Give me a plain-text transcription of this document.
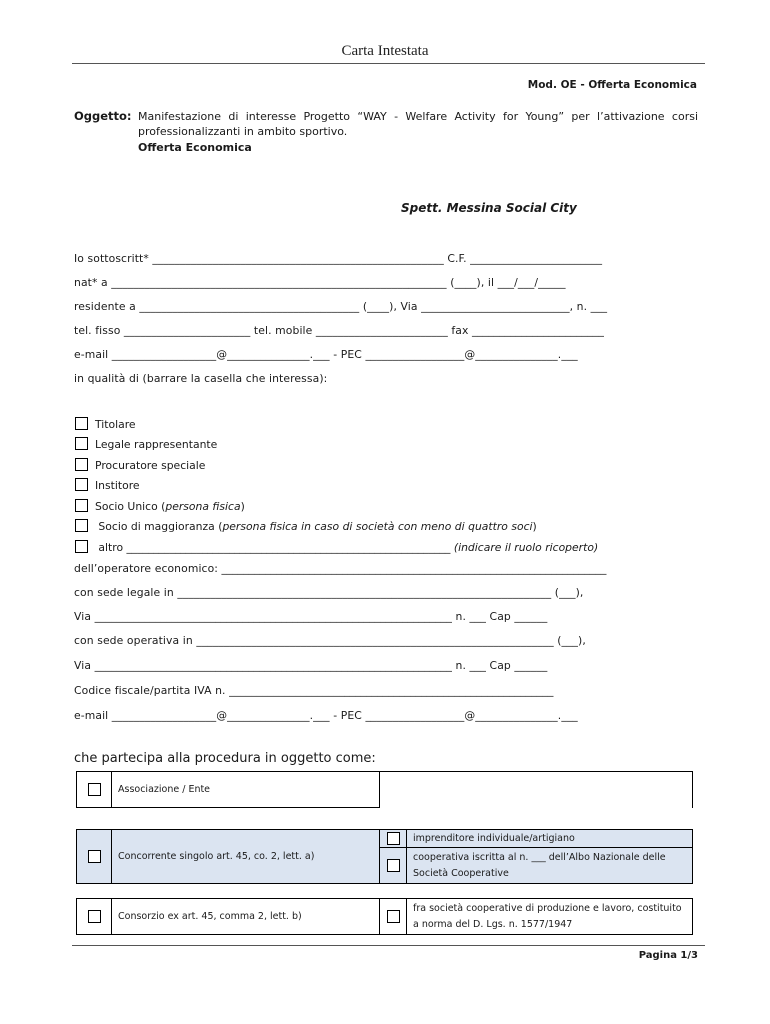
Carta Intestata
Mod. OE - Offerta Economica
Oggetto: Manifestazione di interesse Progetto “WAY - Welfare Activity for Young” per l’attivazione corsi professionalizzanti in ambito sportivo.
Offerta Economica
Spett. Messina Social City
Io sottoscritt* _____________________________________________________ C.F. ________________________
nat* a _____________________________________________________________ (____), il ___/___/_____
residente a ________________________________________ (____), Via ___________________________, n. ___
tel. fisso _______________________ tel. mobile ________________________ fax ________________________
e-mail ___________________@_______________.___ - PEC __________________@_______________.___
in qualità di (barrare la casella che interessa):
Titolare
Legale rappresentante
Procuratore speciale
Institore
Socio Unico (persona fisica)
Socio di maggioranza (persona fisica in caso di società con meno di quattro soci)
altro ____________________________________________________________ (indicare il ruolo ricoperto)
dell’operatore economico: ______________________________________________________________________
con sede legale in ____________________________________________________________________ (___),
Via _________________________________________________________________ n. ___ Cap ______
con sede operativa in _________________________________________________________________ (___),
Via _________________________________________________________________ n. ___ Cap ______
Codice fiscale/partita IVA n. ___________________________________________________________
e-mail ___________________@_______________.___ - PEC __________________@_______________.___
che partecipa alla procedura in oggetto come:
	Associazione / Ente	
	Concorrente singolo art. 45, co. 2, lett. a)		imprenditore individuale/artigiano
			cooperativa iscritta al n. ___ dell’Albo Nazionale delle Società Cooperative
	Consorzio ex art. 45, comma 2, lett. b)		fra società cooperative di produzione e lavoro, costituito a norma del D. Lgs. n. 1577/1947
Pagina 1/3
